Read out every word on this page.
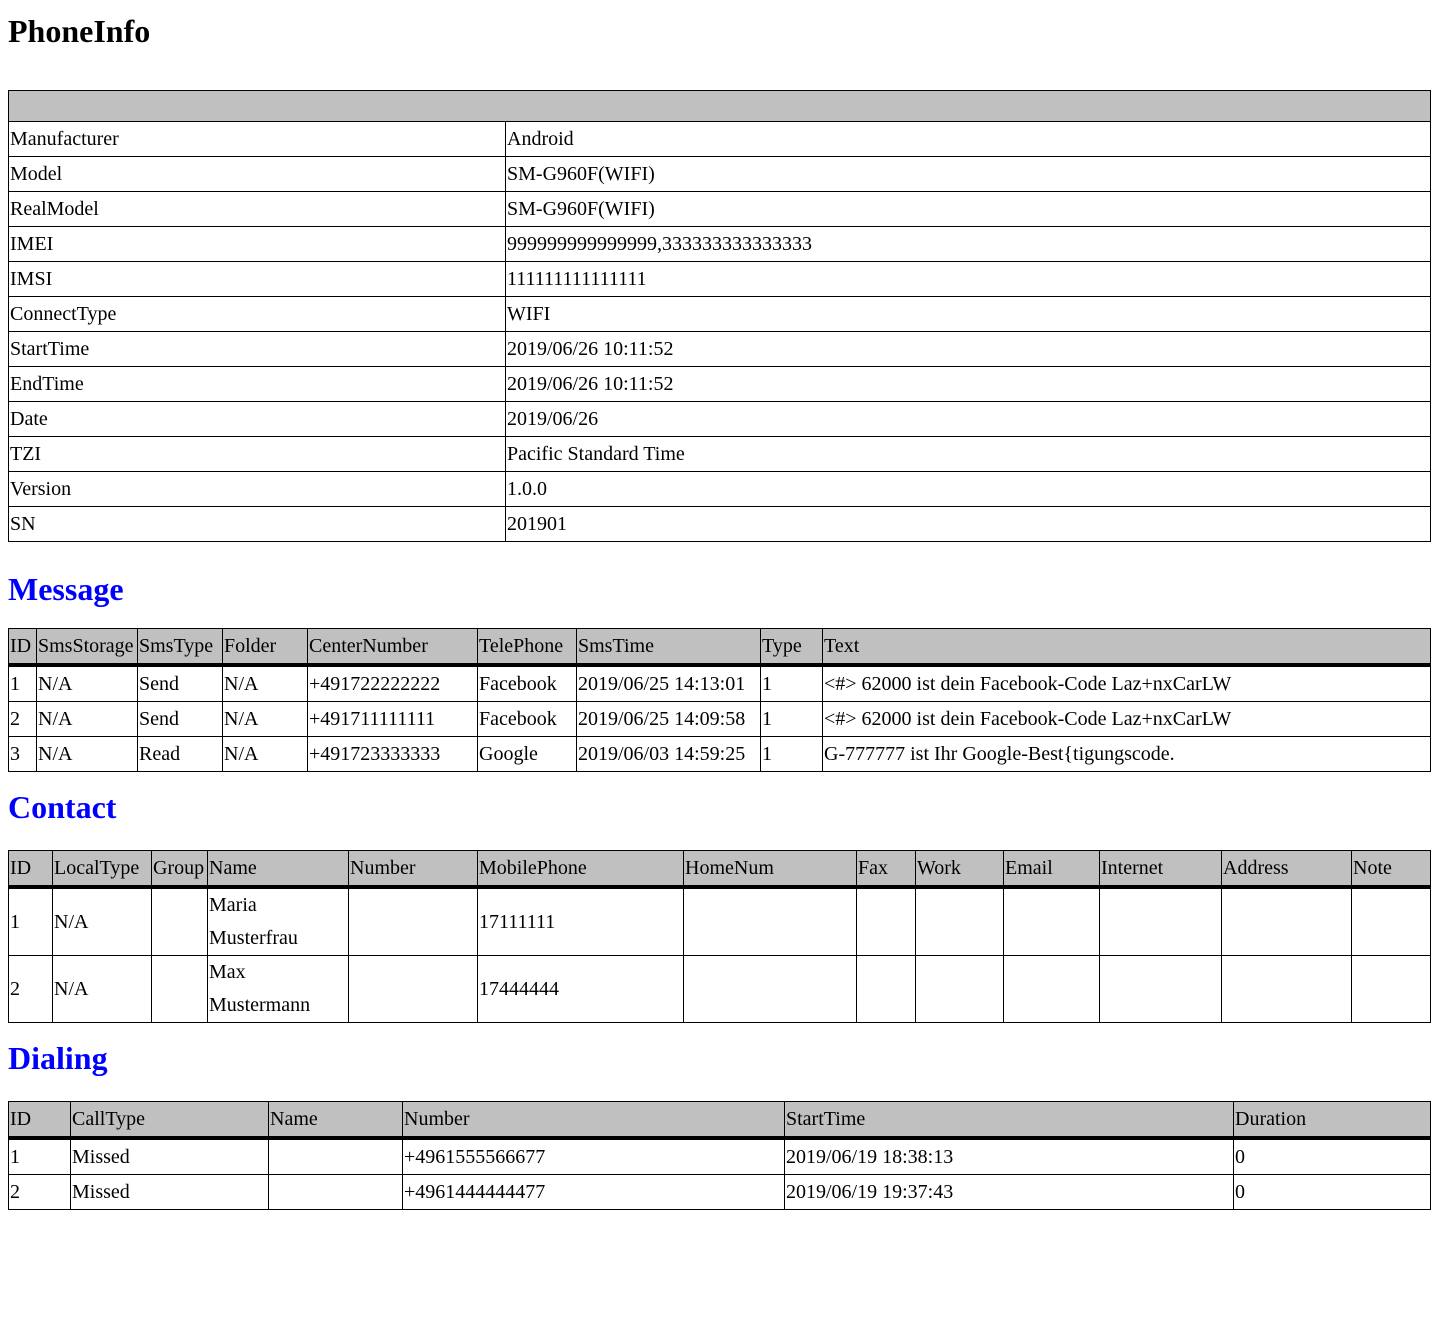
PhoneInfo

Manufacturer	Android
Model	SM-G960F(WIFI)
RealModel	SM-G960F(WIFI)
IMEI	999999999999999,333333333333333
IMSI	111111111111111
ConnectType	WIFI
StartTime	2019/06/26 10:11:52
EndTime	2019/06/26 10:11:52
Date	2019/06/26
TZI	Pacific Standard Time
Version	1.0.0
SN	201901
Message
ID	SmsStorage	SmsType	Folder	CenterNumber	TelePhone	SmsTime	Type	Text
1	N/A	Send	N/A	+491722222222	Facebook	2019/06/25 14:13:01	1	<#> 62000 ist dein Facebook-Code Laz+nxCarLW
2	N/A	Send	N/A	+491711111111	Facebook	2019/06/25 14:09:58	1	<#> 62000 ist dein Facebook-Code Laz+nxCarLW
3	N/A	Read	N/A	+491723333333	Google	2019/06/03 14:59:25	1	G-777777 ist Ihr Google-Best{tigungscode.
Contact
ID	LocalType	Group	Name	Number	MobilePhone	HomeNum	Fax	Work	Email	Internet	Address	Note
1	N/A		Maria Musterfrau		17111111							
2	N/A		Max Mustermann		17444444							
Dialing
ID	CallType	Name	Number	StartTime	Duration
1	Missed		+4961555566677	2019/06/19 18:38:13	0
2	Missed		+4961444444477	2019/06/19 19:37:43	0
